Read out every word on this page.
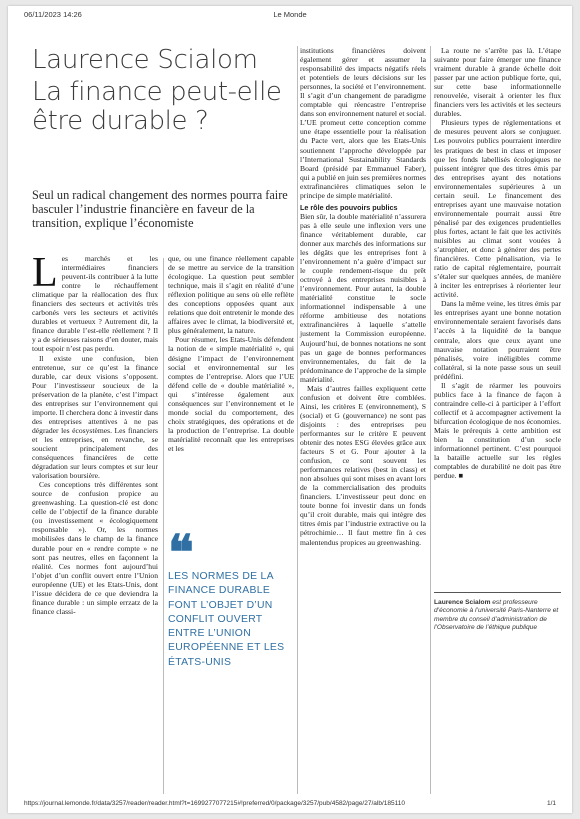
06/11/2023 14:26	Le Monde
Laurence Scialom
La finance peut-elle être durable ?
Seul un radical changement des normes pourra faire basculer l’industrie financière en faveur de la transition, explique l’économiste

Les marchés et les intermédiaires financiers peuvent-ils contribuer à la lutte contre le réchauffement climatique par la réallocation des flux financiers des secteurs et activités très carbonés vers les secteurs et activités durables et vertueux ? Autrement dit, la finance durable l’est-elle réellement ? Il y a de sérieuses raisons d’en douter, mais tout espoir n’est pas perdu.

Il existe une confusion, bien entretenue, sur ce qu’est la finance durable, car deux visions s’opposent. Pour l’investisseur soucieux de la préservation de la planète, c’est l’impact des entreprises sur l’environnement qui importe. Il cherchera donc à investir dans des entreprises attentives à ne pas dégrader les écosystèmes. Les financiers et les entreprises, en revanche, se soucient principalement des conséquences financières de cette dégradation sur leurs comptes et sur leur valorisation boursière.

Ces conceptions très différentes sont source de confusion propice au greenwashing. La question-clé est donc celle de l’objectif de la finance durable (ou investissement « écologiquement responsable »). Or, les normes mobilisées dans le champ de la finance durable pour en « rendre compte » ne sont pas neutres, elles en façonnent la réalité. Ces normes font aujourd’hui l’objet d’un conflit ouvert entre l’Union européenne (UE) et les Etats-Unis, dont l’issue décidera de ce que deviendra la finance durable : un simple errzatz de la finance classi-

que, ou une finance réellement capable de se mettre au service de la transition écologique. La question peut sembler technique, mais il s’agit en réalité d’une réflexion politique au sens où elle reflète des conceptions opposées quant aux relations que doit entretenir le monde des affaires avec le climat, la biodiversité et, plus généralement, la nature.

Pour résumer, les Etats-Unis défendent la notion de « simple matérialité », qui désigne l’impact de l’environnement social et environnemental sur les comptes de l’entreprise. Alors que l’UE défend celle de « double matérialité », qui s’intéresse également aux conséquences sur l’environnement et le monde social du comportement, des choix stratégiques, des opérations et de la production de l’entreprise. La double matérialité reconnaît que les entreprises et les

❝
LES NORMES DE LA FINANCE DURABLE FONT L’OBJET D’UN CONFLIT OUVERT ENTRE L’UNION EUROPÉENNE ET LES ÉTATS-UNIS

institutions financières doivent également gérer et assumer la responsabilité des impacts négatifs réels et potentiels de leurs décisions sur les personnes, la société et l’environnement. Il s’agit d’un changement de paradigme comptable qui réencastre l’entreprise dans son environnement naturel et social. L’UE promeut cette conception comme une étape essentielle pour la réalisation du Pacte vert, alors que les Etats-Unis soutiennent l’approche développée par l’International Sustainability Standards Board (présidé par Emmanuel Faber), qui a publié en juin ses premières normes extrafinancières climatiques selon le principe de simple matérialité.

Le rôle des pouvoirs publics

Bien sûr, la double matérialité n’assurera pas à elle seule une inflexion vers une finance véritablement durable, car donner aux marchés des informations sur les dégâts que les entreprises font à l’environnement n’a guère d’impact sur le couple rendement-risque du prêt octroyé à des entreprises nuisibles à l’environnement. Pour autant, la double matérialité constitue le socle informationnel indispensable à une réforme ambitieuse des notations extrafinancières à laquelle s’attelle justement la Commission européenne. Aujourd’hui, de bonnes notations ne sont pas un gage de bonnes performances environnementales, du fait de la prédominance de l’approche de la simple matérialité.

Mais d’autres failles expliquent cette confusion et doivent être comblées. Ainsi, les critères E (environnement), S (social) et G (gouvernance) ne sont pas disjoints : des entreprises peu performantes sur le critère E peuvent obtenir des notes ESG élevées grâce aux facteurs S et G. Pour ajouter à la confusion, ce sont souvent les performances relatives (best in class) et non absolues qui sont mises en avant lors de la commercialisation des produits financiers. L’investisseur peut donc en toute bonne foi investir dans un fonds qu’il croit durable, mais qui intègre des titres émis par l’industrie extractive ou la pétrochimie… Il faut mettre fin à ces malentendus propices au greenwashing.

La route ne s’arrête pas là. L’étape suivante pour faire émerger une finance vraiment durable à grande échelle doit passer par une action publique forte, qui, sur cette base informationnelle renouvelée, viserait à orienter les flux financiers vers les activités et les secteurs durables.

Plusieurs types de réglementations et de mesures peuvent alors se conjuguer. Les pouvoirs publics pourraient interdire les pratiques de best in class et imposer que les fonds labellisés écologiques ne puissent intégrer que des titres émis par des entreprises ayant des notations environnementales supérieures à un certain seuil. Le financement des entreprises ayant une mauvaise notation environnementale pourrait aussi être pénalisé par des exigences prudentielles plus fortes, actant le fait que les activités nuisibles au climat sont vouées à s’atrophier, et donc à générer des pertes financières. Cette pénalisation, via le ratio de capital réglementaire, pourrait s’étaler sur quelques années, de manière à inciter les entreprises à réorienter leur activité.

Dans la même veine, les titres émis par les entreprises ayant une bonne notation environnementale seraient favorisés dans l’accès à la liquidité de la banque centrale, alors que ceux ayant une mauvaise notation pourraient être pénalisés, voire inéligibles comme collatéral, si la note passe sous un seuil prédéfini.

Il s’agit de réarmer les pouvoirs publics face à la finance de façon à contraindre celle-ci à participer à l’effort collectif et à accompagner activement la bifurcation écologique de nos économies. Mais le prérequis à cette ambition est bien la constitution d’un socle informationnel pertinent. C’est pourquoi la bataille actuelle sur les règles comptables de durabilité ne doit pas être perdue. ■

Laurence Scialom est professeure d’économie à l’université Paris-Nanterre et membre du conseil d’administration de l’Observatoire de l’éthique publique
https://journal.lemonde.fr/data/3257/reader/reader.html?t=1699277077215#!preferred/0/package/3257/pub/4582/page/27/alb/185110	1/1
